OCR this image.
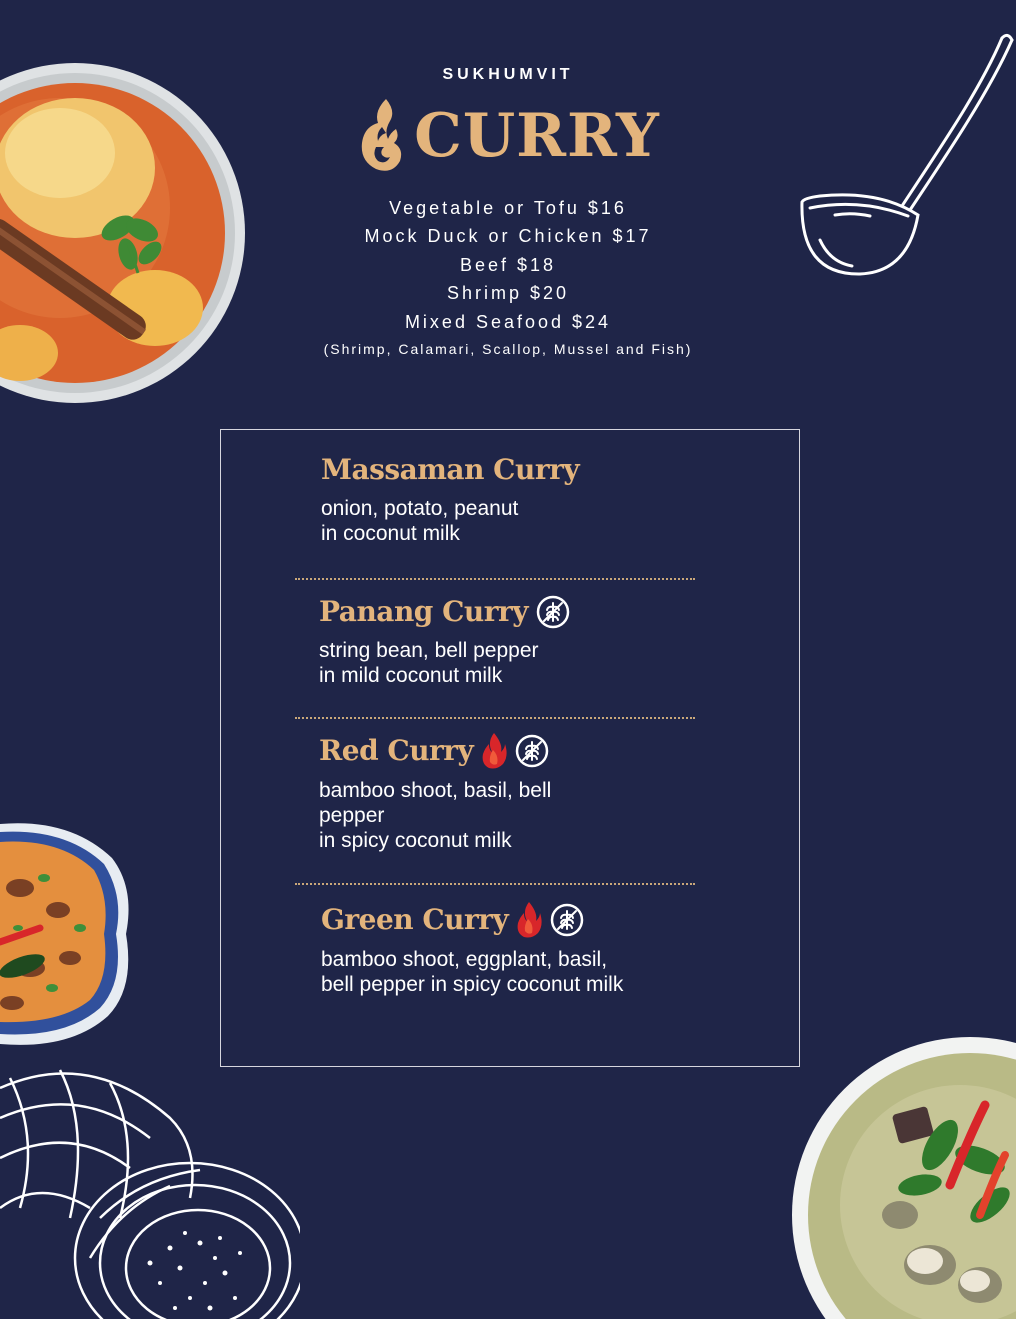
SUKHUMVIT
CURRY
Vegetable or Tofu $16
Mock Duck or Chicken $17
Beef $18
Shrimp $20
Mixed Seafood $24
(Shrimp, Calamari, Scallop, Mussel and Fish)
Massaman Curry
onion, potato, peanut
in coconut milk
Panang Curry
string bean, bell pepper
in mild coconut milk
Red Curry
bamboo shoot, basil, bell pepper
in spicy coconut milk
Green Curry
bamboo shoot, eggplant, basil,
bell pepper in spicy coconut milk
